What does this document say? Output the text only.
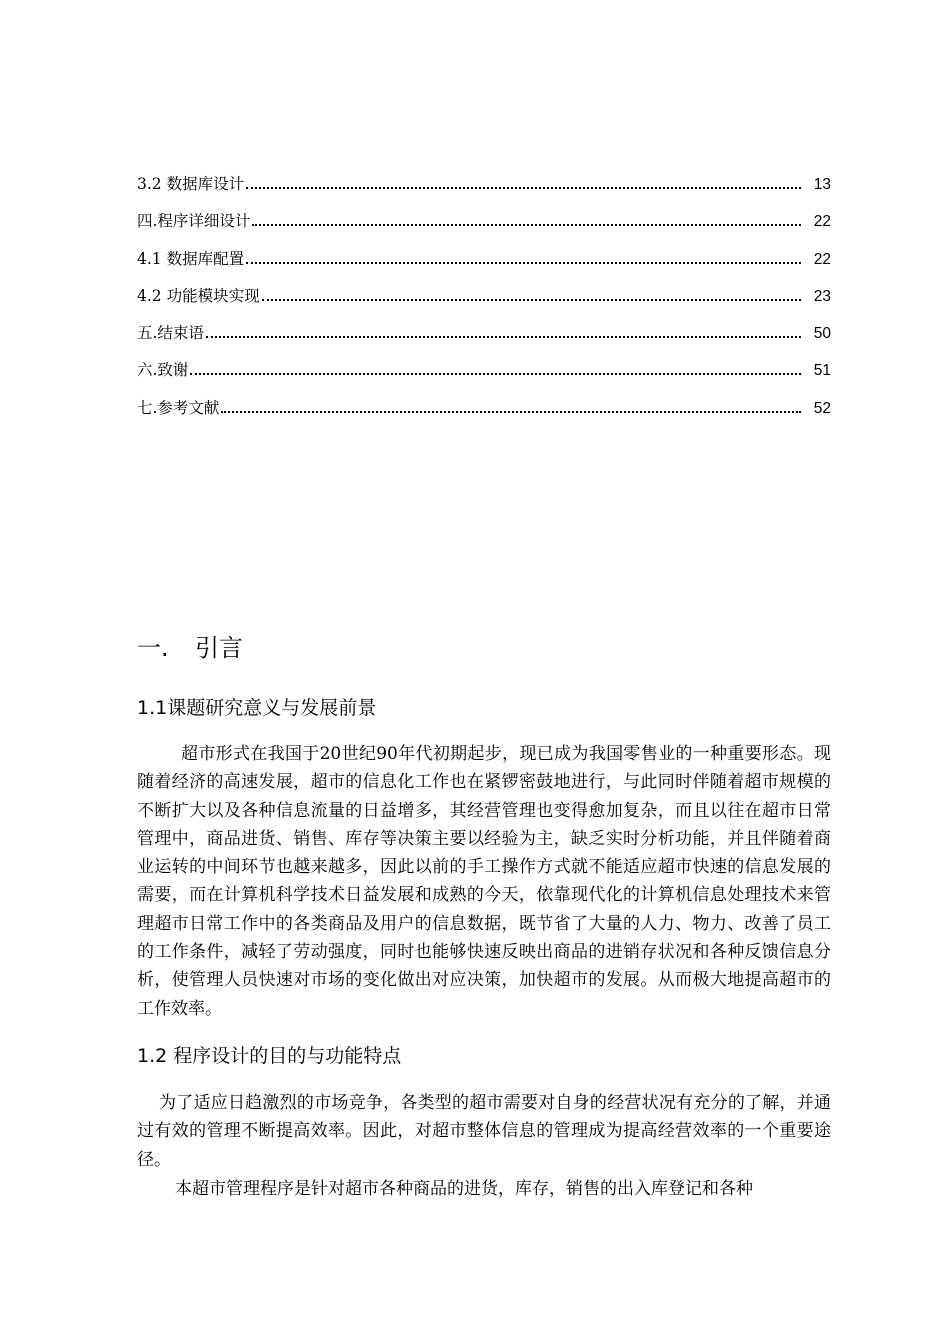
3.2 数据库设计	13
四.程序详细设计	22
4.1 数据库配置	22
4.2 功能模块实现	23
五.结束语	50
六.致谢	51
七.参考文献	52
一.	引言
1.1课题研究意义与发展前景

超市形式在我国于20世纪90年代初期起步，现已成为我国零售业的一种重要形态。现随着经济的高速发展，超市的信息化工作也在紧锣密鼓地进行，与此同时伴随着超市规模的不断扩大以及各种信息流量的日益增多，其经营管理也变得愈加复杂，而且以往在超市日常管理中，商品进货、销售、库存等决策主要以经验为主，缺乏实时分析功能，并且伴随着商业运转的中间环节也越来越多，因此以前的手工操作方式就不能适应超市快速的信息发展的需要，而在计算机科学技术日益发展和成熟的今天，依靠现代化的计算机信息处理技术来管理超市日常工作中的各类商品及用户的信息数据，既节省了大量的人力、物力、改善了员工的工作条件，减轻了劳动强度，同时也能够快速反映出商品的进销存状况和各种反馈信息分析，使管理人员快速对市场的变化做出对应决策，加快超市的发展。从而极大地提高超市的工作效率。

1.2 程序设计的目的与功能特点

为了适应日趋激烈的市场竞争，各类型的超市需要对自身的经营状况有充分的了解，并通过有效的管理不断提高效率。因此，对超市整体信息的管理成为提高经营效率的一个重要途径。

本超市管理程序是针对超市各种商品的进货，库存，销售的出入库登记和各种
